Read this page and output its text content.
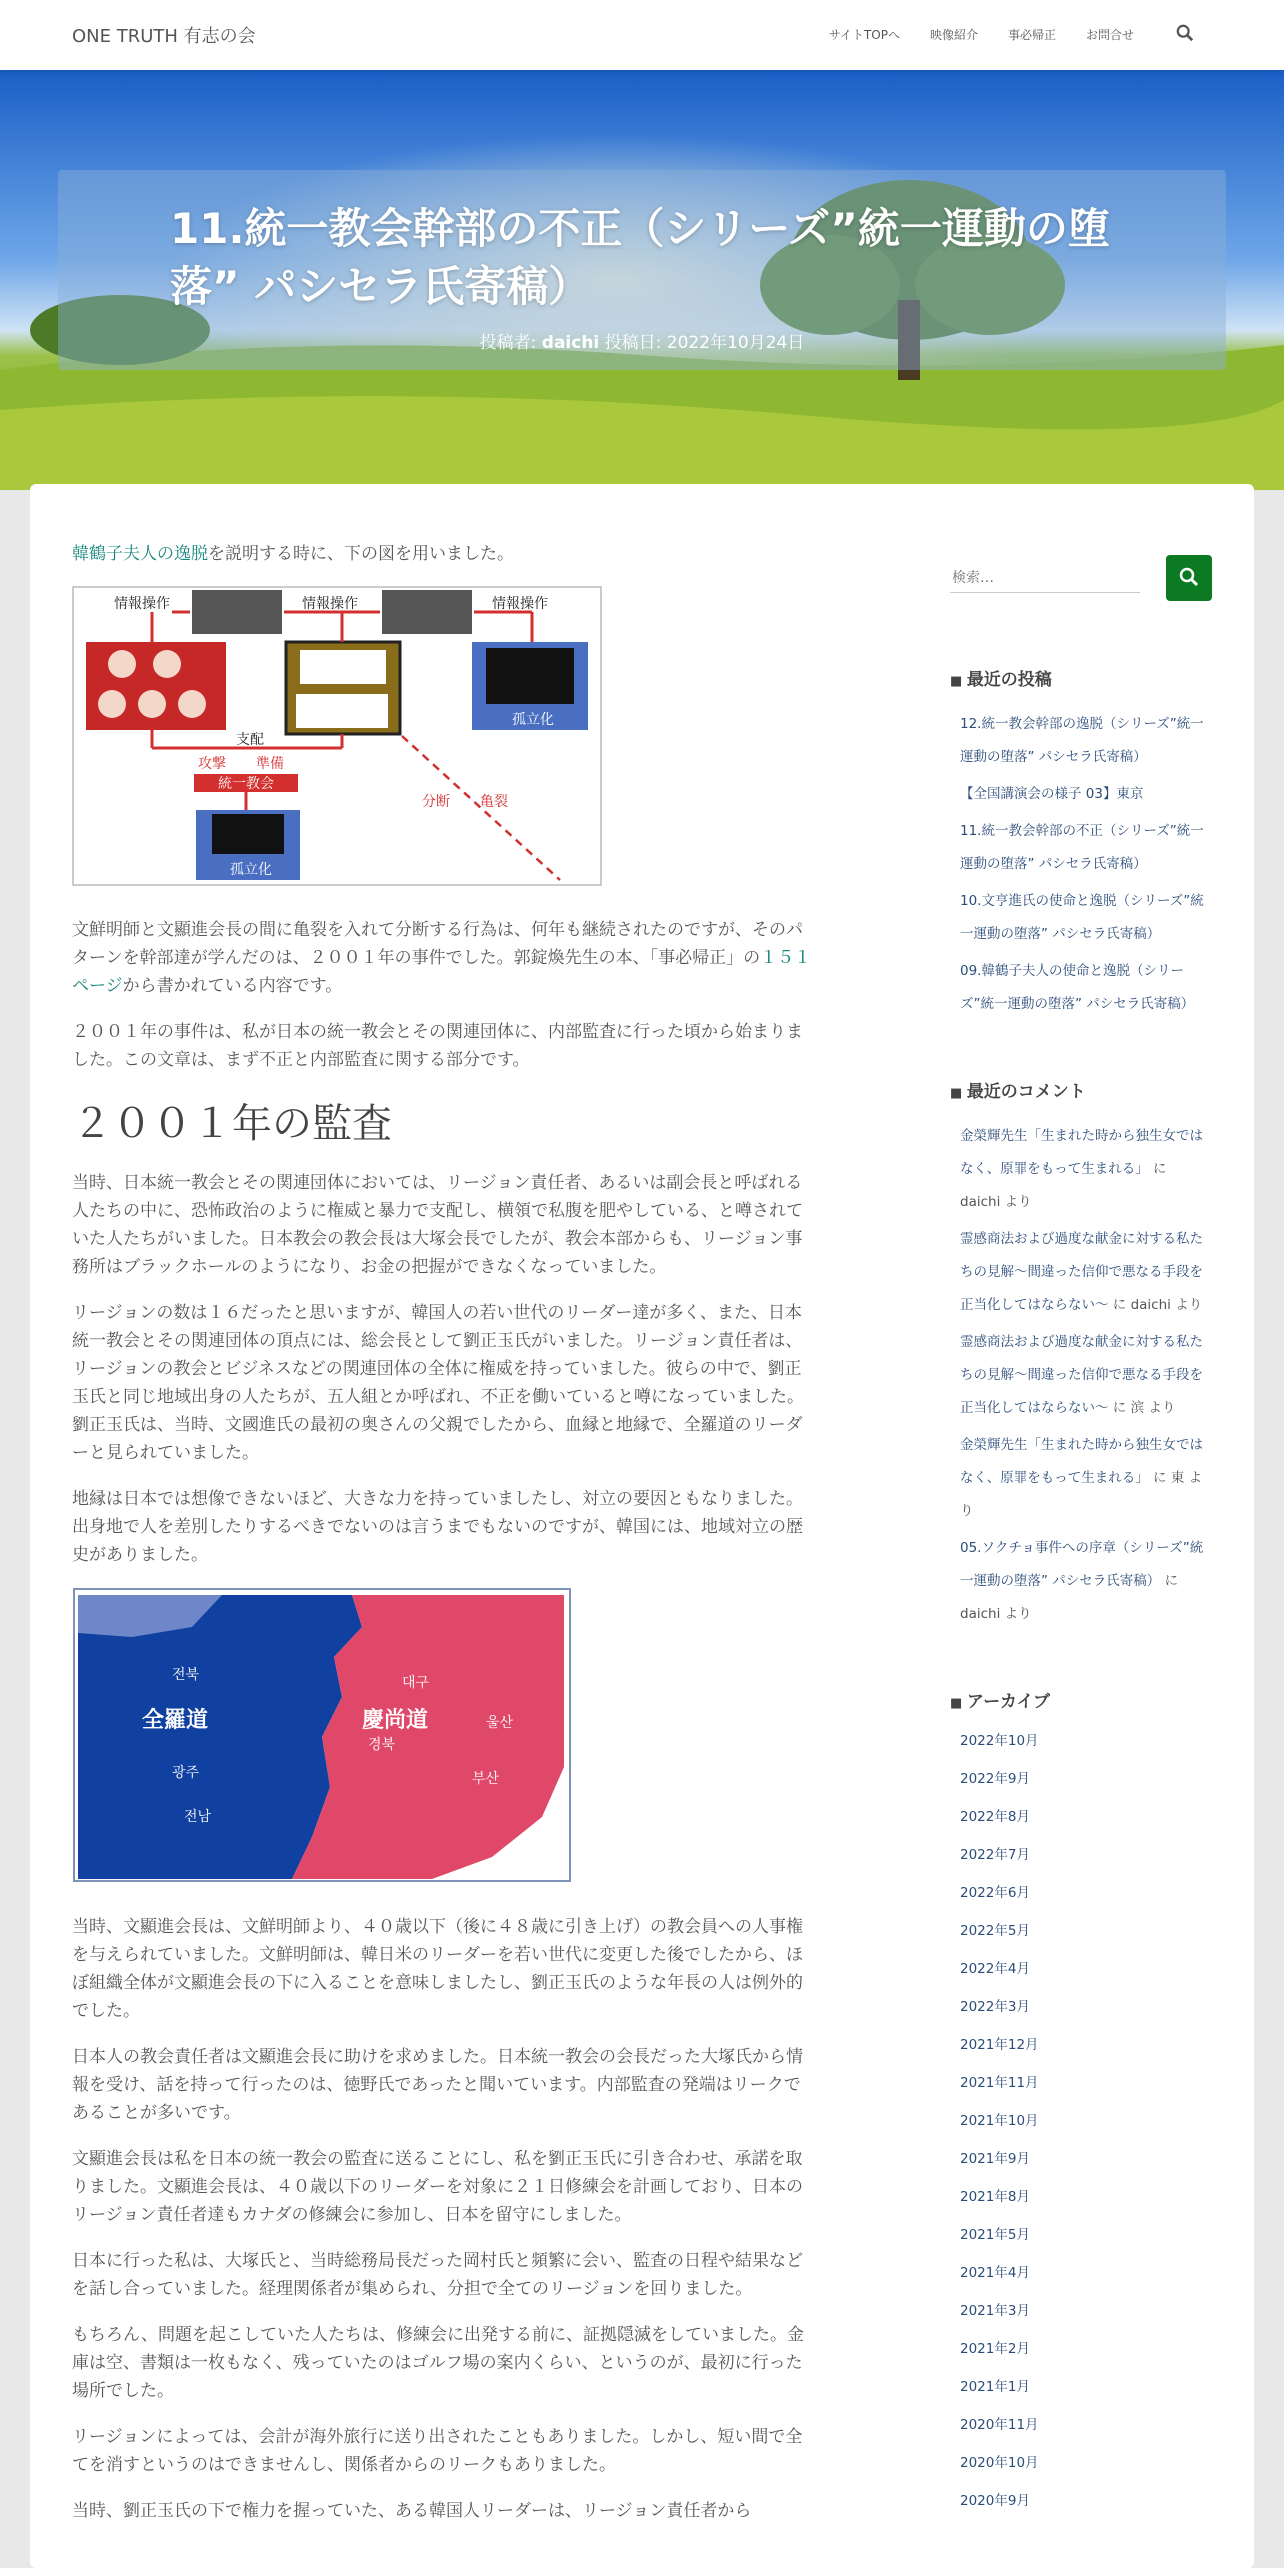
ONE TRUTH 有志の会	サイトTOPへ	映像紹介	事必帰正	お問合せ
11.統一教会幹部の不正（シリーズ”統一運動の堕落” パシセラ氏寄稿）
投稿者: daichi 投稿日: 2022年10月24日

韓鶴子夫人の逸脱を説明する時に、下の図を用いました。

情報操作	情報操作	情報操作
孤立化
支配
攻撃 準備
統一教会
孤立化
分断 亀裂

文鮮明師と文顯進会長の間に亀裂を入れて分断する行為は、何年も継続されたのですが、そのパターンを幹部達が学んだのは、２００１年の事件でした。郭錠煥先生の本、「事必帰正」の１５１ページから書かれている内容です。

２００１年の事件は、私が日本の統一教会とその関連団体に、内部監査に行った頃から始まりました。この文章は、まず不正と内部監査に関する部分です。

２００１年の監査

当時、日本統一教会とその関連団体においては、リージョン責任者、あるいは副会長と呼ばれる人たちの中に、恐怖政治のように権威と暴力で支配し、横領で私腹を肥やしている、と噂されていた人たちがいました。日本教会の教会長は大塚会長でしたが、教会本部からも、リージョン事務所はブラックホールのようになり、お金の把握ができなくなっていました。

リージョンの数は１６だったと思いますが、韓国人の若い世代のリーダー達が多く、また、日本統一教会とその関連団体の頂点には、総会長として劉正玉氏がいました。リージョン責任者は、リージョンの教会とビジネスなどの関連団体の全体に権威を持っていました。彼らの中で、劉正玉氏と同じ地域出身の人たちが、五人組とか呼ばれ、不正を働いていると噂になっていました。劉正玉氏は、当時、文國進氏の最初の奥さんの父親でしたから、血縁と地縁で、全羅道のリーダーと見られていました。

地縁は日本では想像できないほど、大きな力を持っていましたし、対立の要因ともなりました。出身地で人を差別したりするべきでないのは言うまでもないのですが、韓国には、地域対立の歴史がありました。

전북
全羅道
광주
전남
대구
慶尚道
경북
울산
부산

当時、文顯進会長は、文鮮明師より、４０歳以下（後に４８歳に引き上げ）の教会員への人事権を与えられていました。文鮮明師は、韓日米のリーダーを若い世代に変更した後でしたから、ほぼ組織全体が文顯進会長の下に入ることを意味しましたし、劉正玉氏のような年長の人は例外的でした。

日本人の教会責任者は文顯進会長に助けを求めました。日本統一教会の会長だった大塚氏から情報を受け、話を持って行ったのは、徳野氏であったと聞いています。内部監査の発端はリークであることが多いです。

文顯進会長は私を日本の統一教会の監査に送ることにし、私を劉正玉氏に引き合わせ、承諾を取りました。文顯進会長は、４０歳以下のリーダーを対象に２１日修練会を計画しており、日本のリージョン責任者達もカナダの修練会に参加し、日本を留守にしました。

日本に行った私は、大塚氏と、当時総務局長だった岡村氏と頻繁に会い、監査の日程や結果などを話し合っていました。経理関係者が集められ、分担で全てのリージョンを回りました。

もちろん、問題を起こしていた人たちは、修練会に出発する前に、証拠隠滅をしていました。金庫は空、書類は一枚もなく、残っていたのはゴルフ場の案内くらい、というのが、最初に行った場所でした。

リージョンによっては、会計が海外旅行に送り出されたこともありました。しかし、短い間で全てを消すというのはできませんし、関係者からのリークもありました。

当時、劉正玉氏の下で権力を握っていた、ある韓国人リーダーは、リージョン責任者から

検索…
■ 最近の投稿
12.統一教会幹部の逸脱（シリーズ”統一運動の堕落” パシセラ氏寄稿）
【全国講演会の様子 03】東京
11.統一教会幹部の不正（シリーズ”統一運動の堕落” パシセラ氏寄稿）
10.文亨進氏の使命と逸脱（シリーズ”統一運動の堕落” パシセラ氏寄稿）
09.韓鶴子夫人の使命と逸脱（シリーズ”統一運動の堕落” パシセラ氏寄稿）
■ 最近のコメント
金榮輝先生「生まれた時から独生女ではなく、原罪をもって生まれる」 に daichi より
霊感商法および過度な献金に対する私たちの見解～間違った信仰で悪なる手段を正当化してはならない～ に daichi より
霊感商法および過度な献金に対する私たちの見解～間違った信仰で悪なる手段を正当化してはならない～ に 滨 より
金榮輝先生「生まれた時から独生女ではなく、原罪をもって生まれる」 に 東 より
05.ソクチョ事件への序章（シリーズ”統一運動の堕落” パシセラ氏寄稿） に daichi より
■ アーカイブ
2022年10月
2022年9月
2022年8月
2022年7月
2022年6月
2022年5月
2022年4月
2022年3月
2021年12月
2021年11月
2021年10月
2021年9月
2021年8月
2021年5月
2021年4月
2021年3月
2021年2月
2021年1月
2020年11月
2020年10月
2020年9月
